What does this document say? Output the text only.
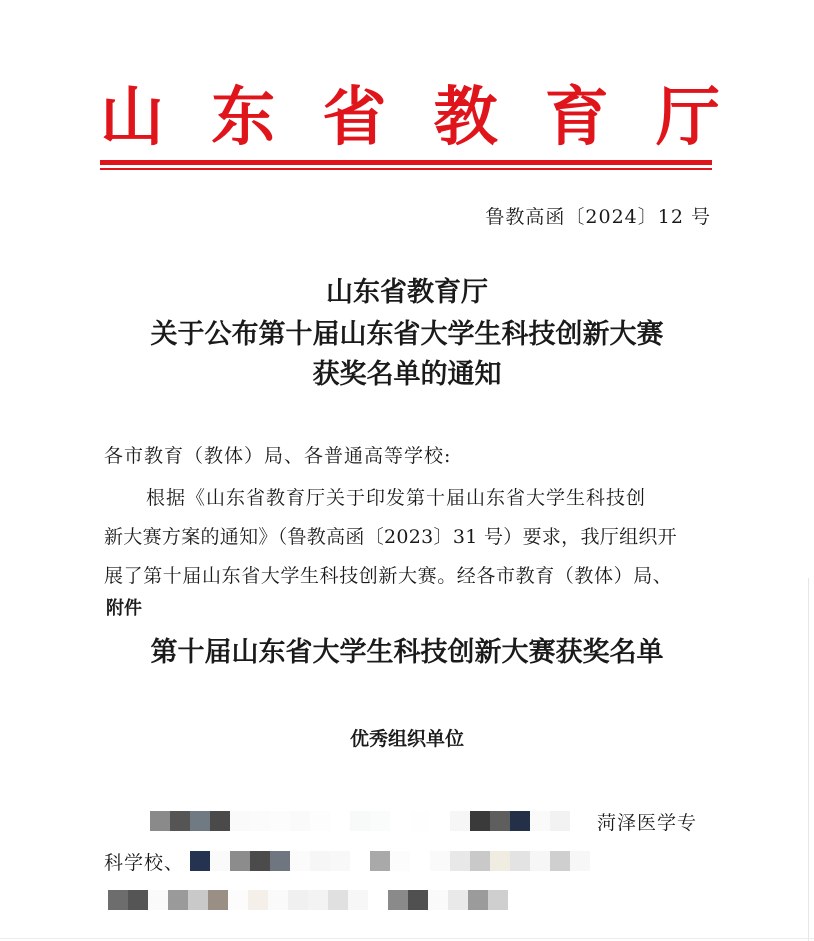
山 东 省 教 育 厅
鲁教高函〔2024〕12 号
山东省教育厅
关于公布第十届山东省大学生科技创新大赛
获奖名单的通知
各市教育（教体）局、各普通高等学校:
根据《山东省教育厅关于印发第十届山东省大学生科技创
新大赛方案的通知》（鲁教高函〔2023〕31 号）要求，我厅组织开
展了第十届山东省大学生科技创新大赛。经各市教育（教体）局、
附件
第十届山东省大学生科技创新大赛获奖名单
优秀组织单位
菏泽医学专
科学校、
